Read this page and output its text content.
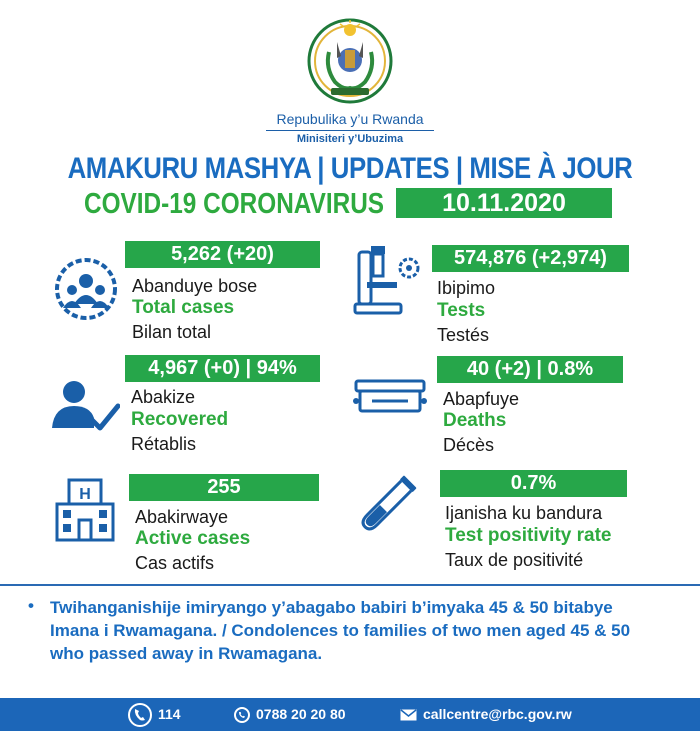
Repubulika y’u Rwanda
Minisiteri y’Ubuzima
AMAKURU MASHYA | UPDATES | MISE À JOUR
COVID-19 CORONAVIRUS	10.11.2020
5,262 (+20)
Abanduye bose
Total cases
Bilan total
574,876 (+2,974)
Ibipimo
Tests
Testés
4,967 (+0) | 94%
Abakize
Recovered
Rétablis
40 (+2) | 0.8%
Abapfuye
Deaths
Décès
H	255
Abakirwaye
Active cases
Cas actifs
0.7%
Ijanisha ku bandura
Test positivity rate
Taux de positivité
• Twihanganishije imiryango y’abagabo babiri b’imyaka 45 & 50 bitabye Imana i Rwamagana. / Condolences to families of two men aged 45 & 50 who passed away in Rwamagana.
114	0788 20 20 80	callcentre@rbc.gov.rw
